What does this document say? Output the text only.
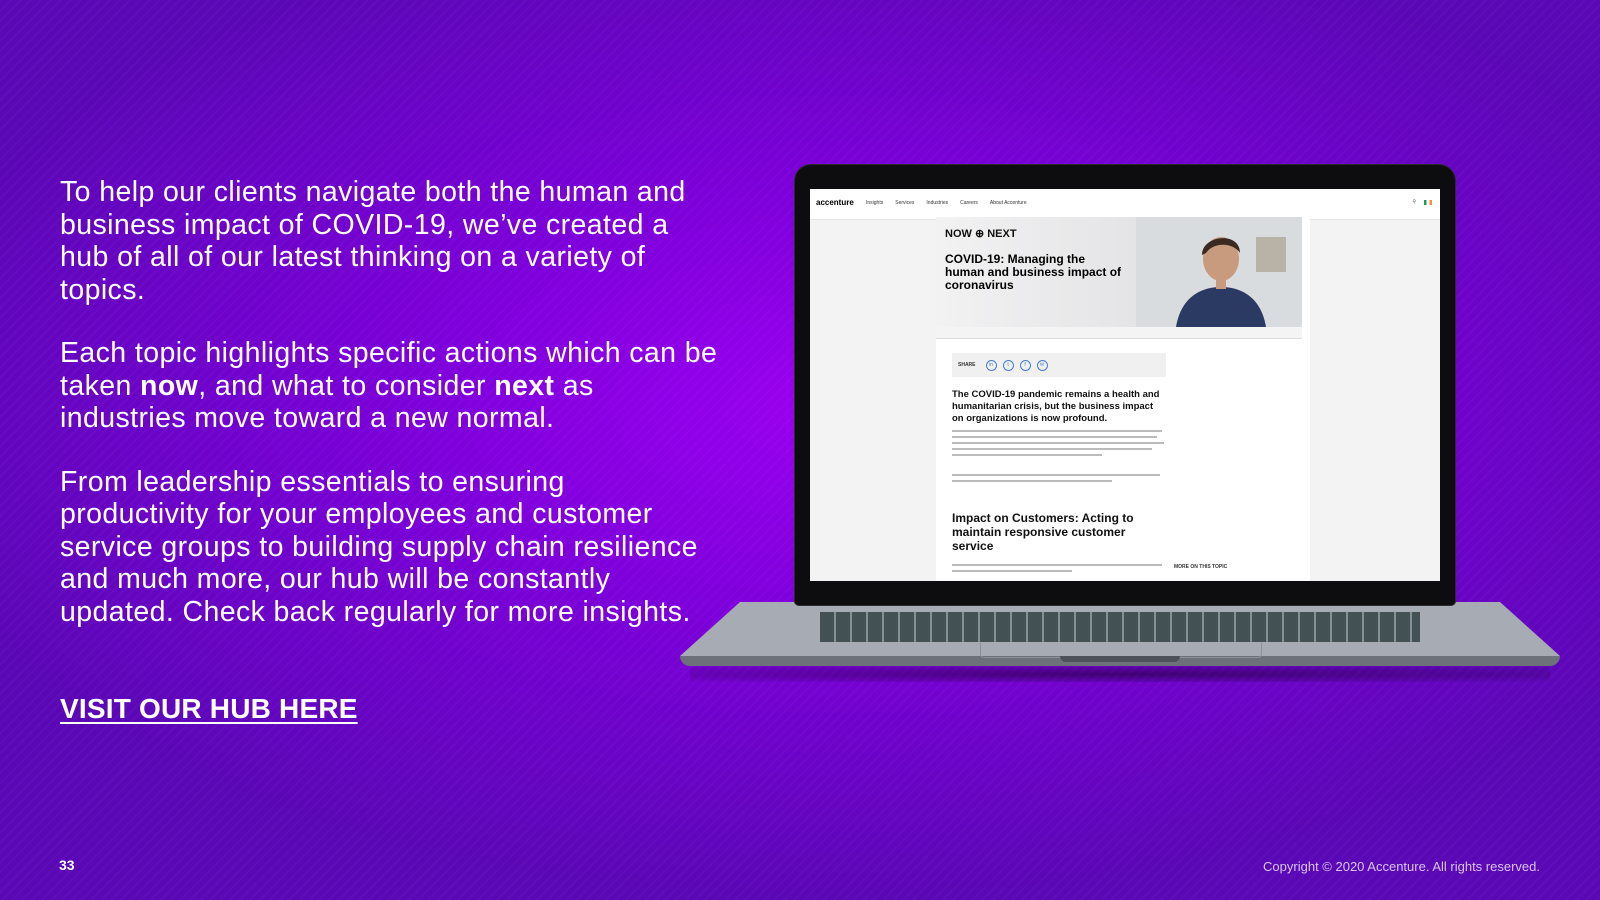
To help our clients navigate both the human and business impact of COVID-19, we’ve created a hub of all of our latest thinking on a variety of topics.

Each topic highlights specific actions which can be taken now, and what to consider next as industries move toward a new normal.

From leadership essentials to ensuring productivity for your employees and customer service groups to building supply chain resilience and much more, our hub will be constantly updated. Check back regularly for more insights.

VISIT OUR HUB HERE
33	Copyright © 2020 Accenture. All rights reserved.
accenture Insights Services Industries Careers About Accenture	⚲
NOW ⊕ NEXT
COVID-19: Managing the human and business impact of coronavirus
SHARE	in	t	f	✉
The COVID-19 pandemic remains a health and humanitarian crisis, but the business impact on organizations is now profound.
Impact on Customers: Acting to maintain responsive customer service
MORE ON THIS TOPIC
